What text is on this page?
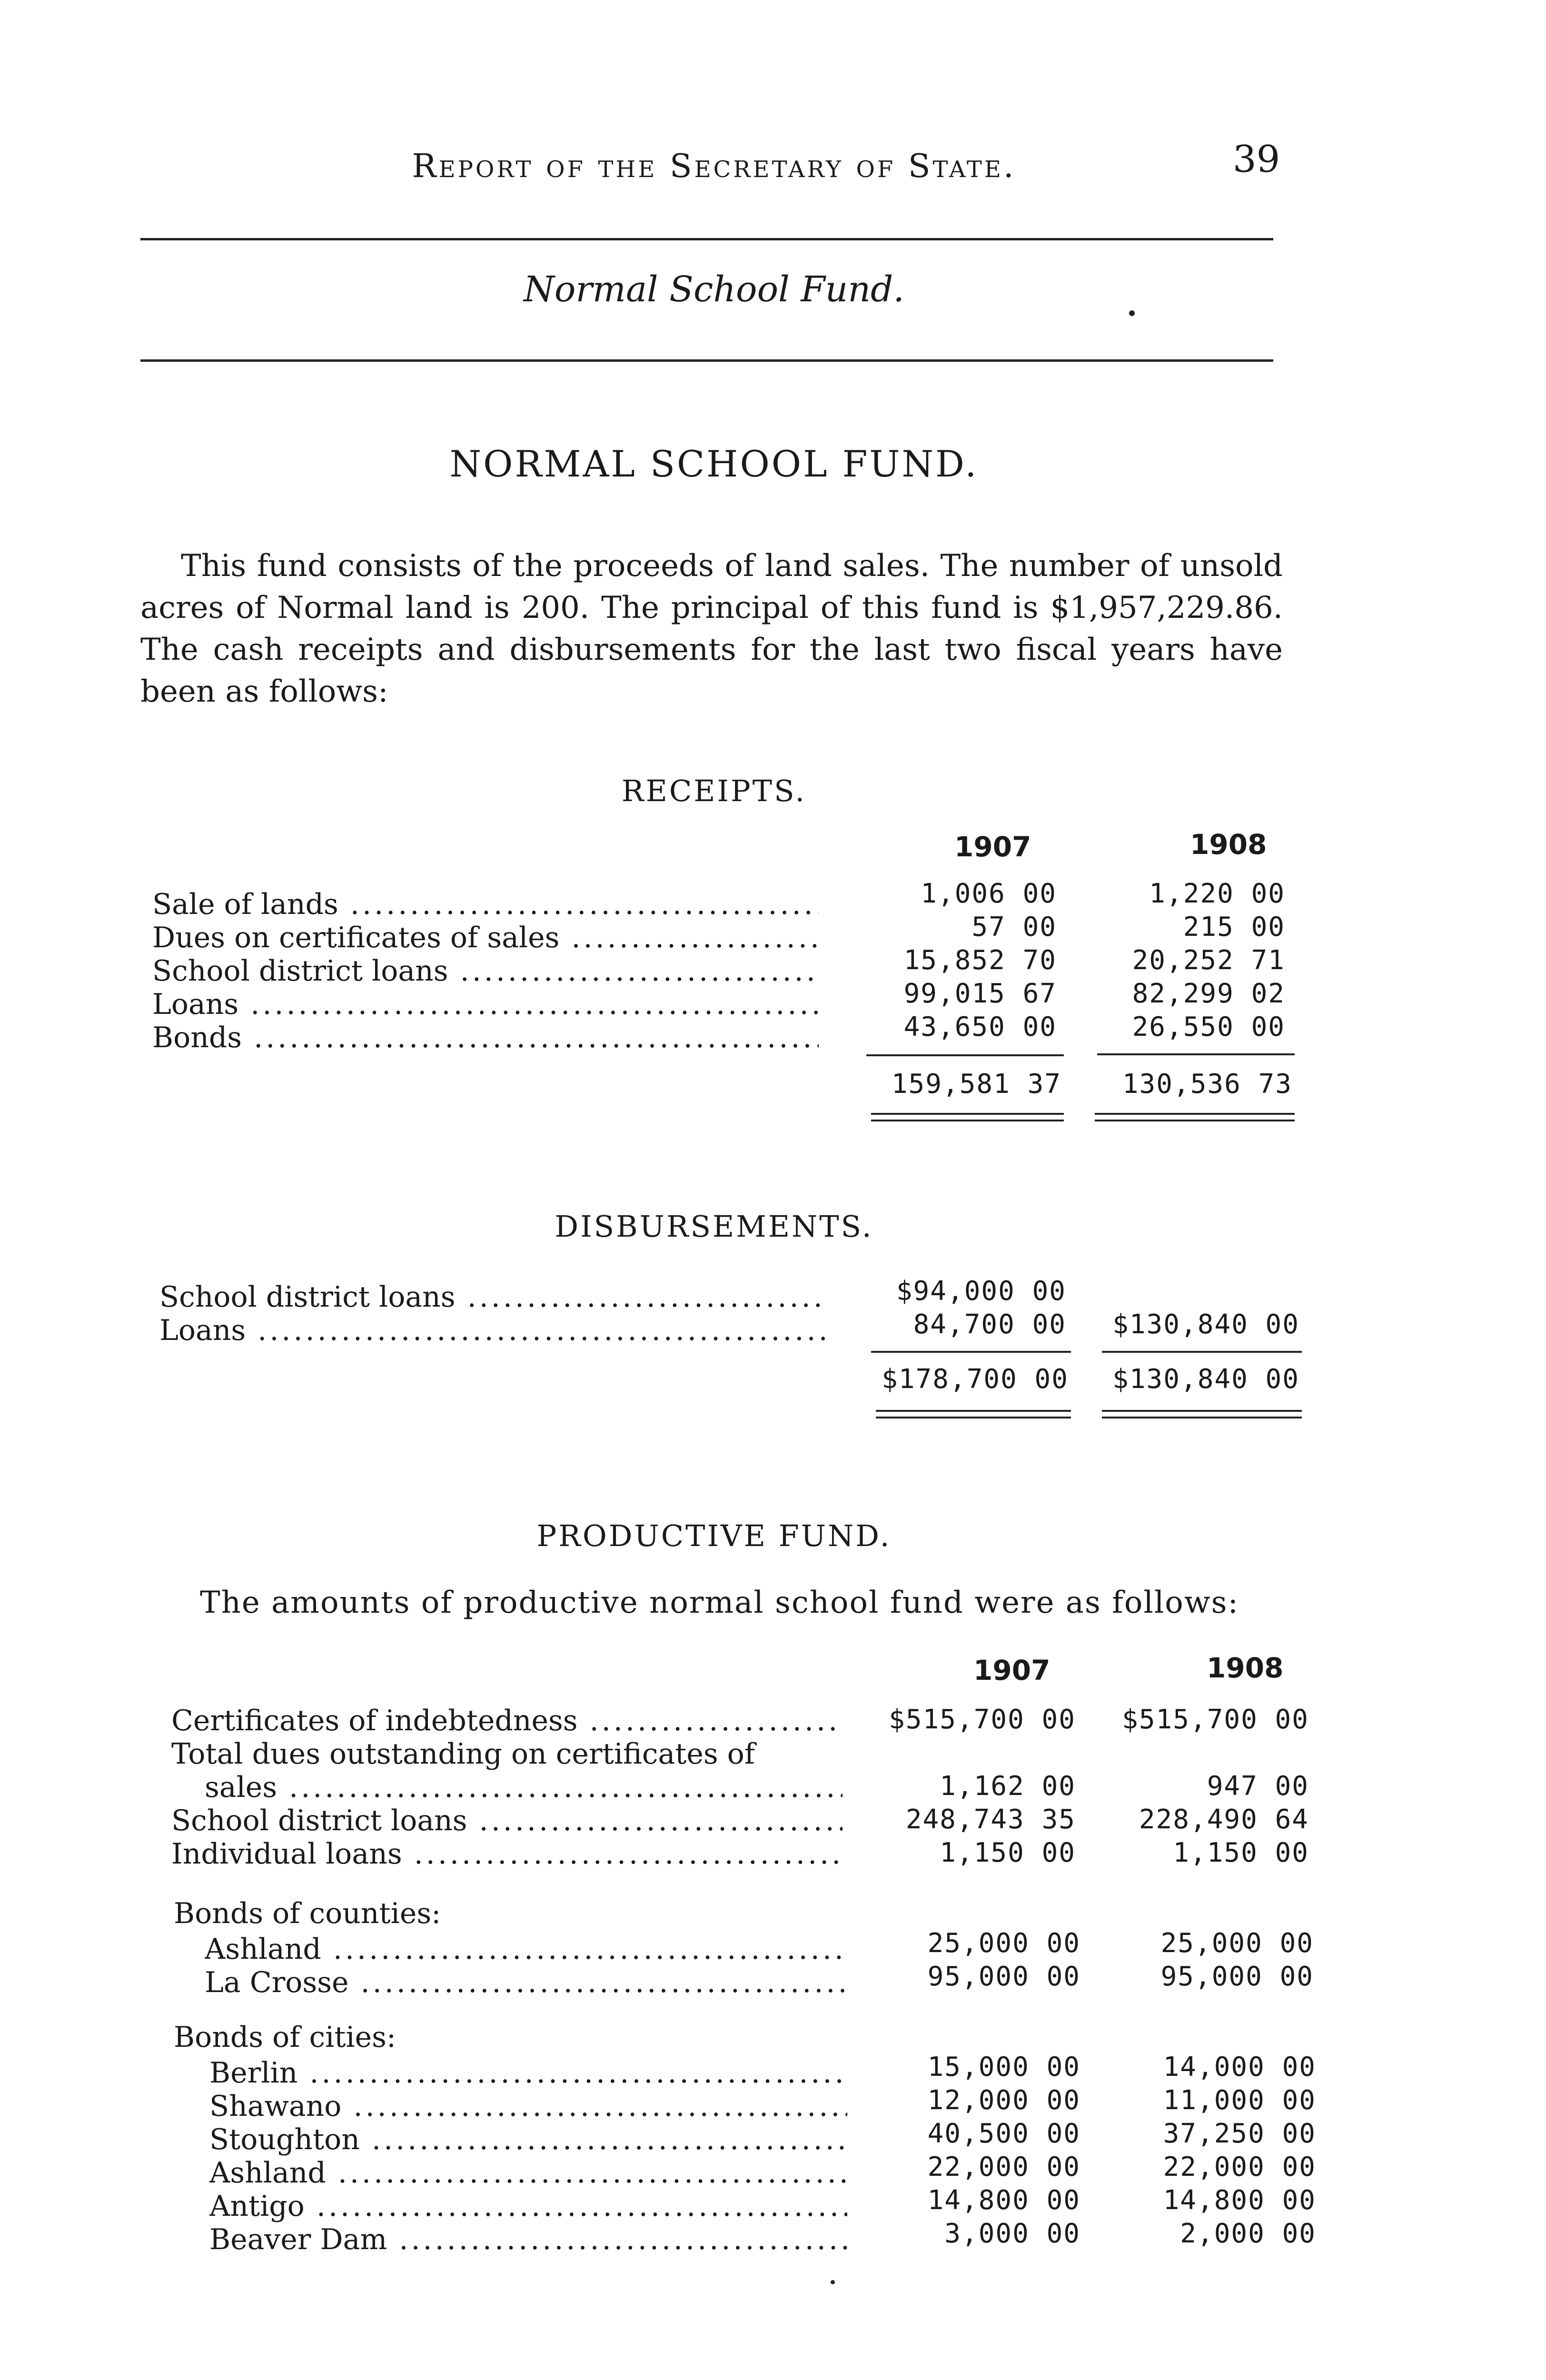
Report of the Secretary of State.	39
Normal School Fund.
NORMAL SCHOOL FUND.

This fund consists of the proceeds of land sales. The number of unsold acres of Normal land is 200. The principal of this fund is $1,957,229.86. The cash receipts and disbursements for the last two fiscal years have been as follows:

RECEIPTS.
1907	1908
Sale of lands .....	1,006 00	1,220 00
Dues on certificates of sales .....	57 00	215 00
School district loans .....	15,852 70	20,252 71
Loans .....	99,015 67	82,299 02
Bonds .....	43,650 00	26,550 00
159,581 37	130,536 73
DISBURSEMENTS.
School district loans .....	$94,000 00
Loans .....	84,700 00	$130,840 00
$178,700 00	$130,840 00
PRODUCTIVE FUND.
The amounts of productive normal school fund were as follows:
1907	1908
Certificates of indebtedness .....	$515,700 00	$515,700 00
Total dues outstanding on certificates of
sales .....	1,162 00	947 00
School district loans .....	248,743 35	228,490 64
Individual loans .....	1,150 00	1,150 00
Bonds of counties:
Ashland .....	25,000 00	25,000 00
La Crosse .....	95,000 00	95,000 00
Bonds of cities:
Berlin .....	15,000 00	14,000 00
Shawano .....	12,000 00	11,000 00
Stoughton .....	40,500 00	37,250 00
Ashland .....	22,000 00	22,000 00
Antigo .....	14,800 00	14,800 00
Beaver Dam .....	3,000 00	2,000 00
